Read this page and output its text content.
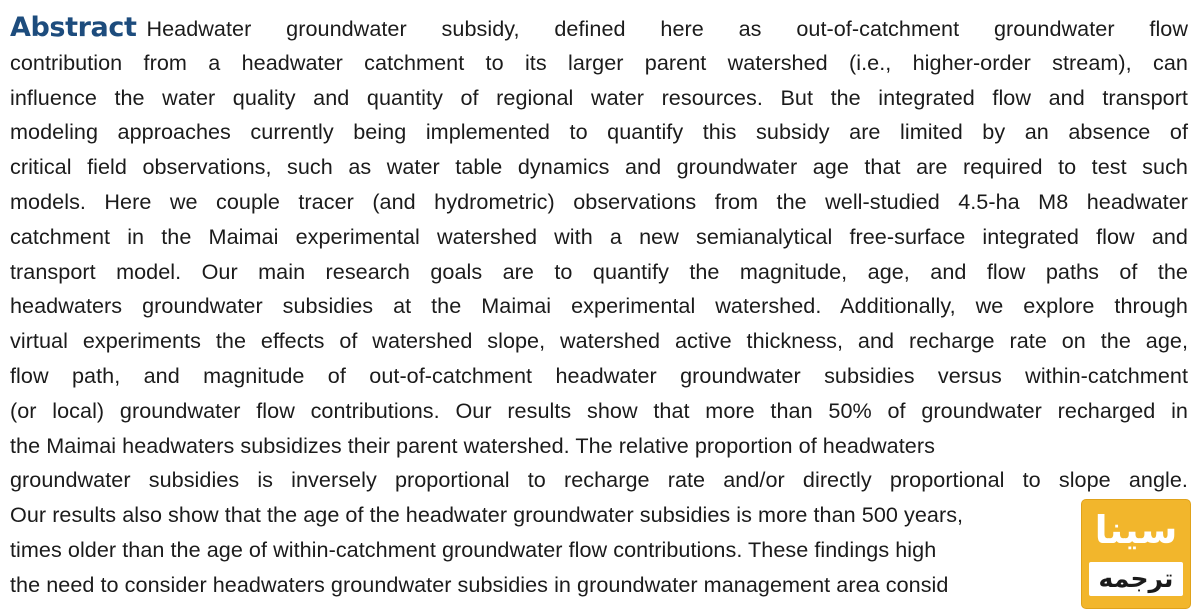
Abstract Headwater groundwater subsidy, defined here as out-of-catchment groundwater flow
contribution from a headwater catchment to its larger parent watershed (i.e., higher-order stream), can
influence the water quality and quantity of regional water resources. But the integrated flow and transport
modeling approaches currently being implemented to quantify this subsidy are limited by an absence of
critical field observations, such as water table dynamics and groundwater age that are required to test such
models. Here we couple tracer (and hydrometric) observations from the well-studied 4.5-ha M8 headwater
catchment in the Maimai experimental watershed with a new semianalytical free-surface integrated flow and
transport model. Our main research goals are to quantify the magnitude, age, and flow paths of the
headwaters groundwater subsidies at the Maimai experimental watershed. Additionally, we explore through
virtual experiments the effects of watershed slope, watershed active thickness, and recharge rate on the age,
flow path, and magnitude of out-of-catchment headwater groundwater subsidies versus within-catchment
(or local) groundwater flow contributions. Our results show that more than 50% of groundwater recharged in
the Maimai headwaters subsidizes their parent watershed. The relative proportion of headwaters
groundwater subsidies is inversely proportional to recharge rate and/or directly proportional to slope angle.
Our results also show that the age of the headwater groundwater subsidies is more than 500 years,
times older than the age of within-catchment groundwater flow contributions. These findings high
the need to consider headwaters groundwater subsidies in groundwater management area consid
سینا
ترجمه
